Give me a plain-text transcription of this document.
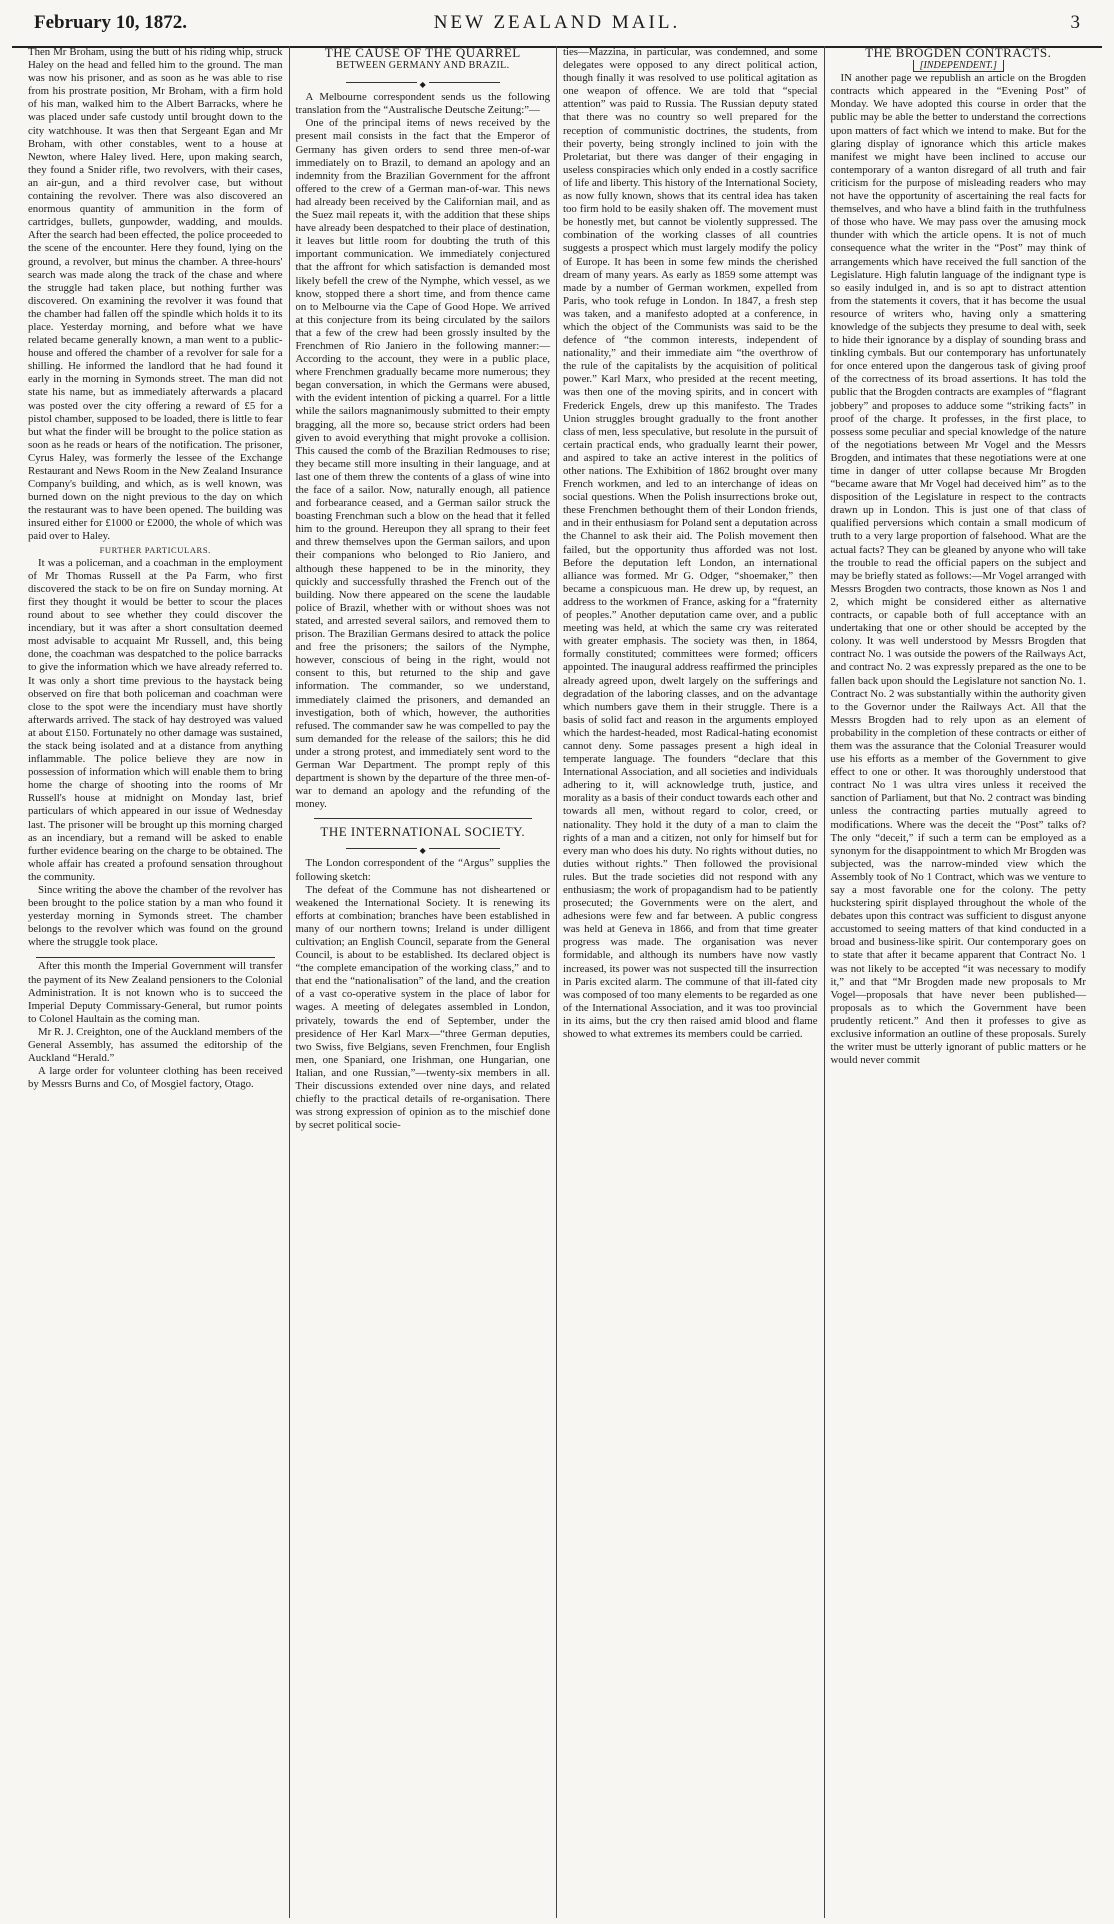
February 10, 1872.	NEW ZEALAND MAIL.	3

Then Mr Broham, using the butt of his riding whip, struck Haley on the head and felled him to the ground. The man was now his prisoner, and as soon as he was able to rise from his prostrate position, Mr Broham, with a firm hold of his man, walked him to the Albert Barracks, where he was placed under safe custody until brought down to the city watchhouse. It was then that Sergeant Egan and Mr Broham, with other constables, went to a house at Newton, where Haley lived. Here, upon making search, they found a Snider rifle, two revolvers, with their cases, an air-gun, and a third revolver case, but without containing the revolver. There was also discovered an enormous quantity of ammunition in the form of cartridges, bullets, gunpowder, wadding, and moulds. After the search had been effected, the police proceeded to the scene of the encounter. Here they found, lying on the ground, a revolver, but minus the chamber. A three-hours' search was made along the track of the chase and where the struggle had taken place, but nothing further was discovered. On examining the revolver it was found that the chamber had fallen off the spindle which holds it to its place. Yesterday morning, and before what we have related became generally known, a man went to a public-house and offered the chamber of a revolver for sale for a shilling. He informed the landlord that he had found it early in the morning in Symonds street. The man did not state his name, but as immediately afterwards a placard was posted over the city offering a reward of £5 for a pistol chamber, supposed to be loaded, there is little to fear but what the finder will be brought to the police station as soon as he reads or hears of the notification. The prisoner, Cyrus Haley, was formerly the lessee of the Exchange Restaurant and News Room in the New Zealand Insurance Company's building, and which, as is well known, was burned down on the night previous to the day on which the restaurant was to have been opened. The building was insured either for £1000 or £2000, the whole of which was paid over to Haley.

FURTHER PARTICULARS.

It was a policeman, and a coachman in the employment of Mr Thomas Russell at the Pa Farm, who first discovered the stack to be on fire on Sunday morning. At first they thought it would be better to scour the places round about to see whether they could discover the incendiary, but it was after a short consultation deemed most advisable to acquaint Mr Russell, and, this being done, the coachman was despatched to the police barracks to give the information which we have already referred to. It was only a short time previous to the haystack being observed on fire that both policeman and coachman were close to the spot were the incendiary must have shortly afterwards arrived. The stack of hay destroyed was valued at about £150. Fortunately no other damage was sustained, the stack being isolated and at a distance from anything inflammable. The police believe they are now in possession of information which will enable them to bring home the charge of shooting into the rooms of Mr Russell's house at midnight on Monday last, brief particulars of which appeared in our issue of Wednesday last. The prisoner will be brought up this morning charged as an incendiary, but a remand will be asked to enable further evidence bearing on the charge to be obtained. The whole affair has created a profound sensation throughout the community.

Since writing the above the chamber of the revolver has been brought to the police station by a man who found it yesterday morning in Symonds street. The chamber belongs to the revolver which was found on the ground where the struggle took place.

After this month the Imperial Government will transfer the payment of its New Zealand pensioners to the Colonial Administration. It is not known who is to succeed the Imperial Deputy Commissary-General, but rumor points to Colonel Haultain as the coming man.

Mr R. J. Creighton, one of the Auckland members of the General Assembly, has assumed the editorship of the Auckland “Herald.”

A large order for volunteer clothing has been received by Messrs Burns and Co, of Mosgiel factory, Otago.

THE CAUSE OF THE QUARREL

BETWEEN GERMANY AND BRAZIL.

◆

A Melbourne correspondent sends us the following translation from the “Australische Deutsche Zeitung:”—

One of the principal items of news received by the present mail consists in the fact that the Emperor of Germany has given orders to send three men-of-war immediately on to Brazil, to demand an apology and an indemnity from the Brazilian Government for the affront offered to the crew of a German man-of-war. This news had already been received by the Californian mail, and as the Suez mail repeats it, with the addition that these ships have already been despatched to their place of destination, it leaves but little room for doubting the truth of this important communication. We immediately conjectured that the affront for which satisfaction is demanded most likely befell the crew of the Nymphe, which vessel, as we know, stopped there a short time, and from thence came on to Melbourne via the Cape of Good Hope. We arrived at this conjecture from its being circulated by the sailors that a few of the crew had been grossly insulted by the Frenchmen of Rio Janiero in the following manner:—According to the account, they were in a public place, where Frenchmen gradually became more numerous; they began conversation, in which the Germans were abused, with the evident intention of picking a quarrel. For a little while the sailors magnanimously submitted to their empty bragging, all the more so, because strict orders had been given to avoid everything that might provoke a collision. This caused the comb of the Brazilian Redmouses to rise; they became still more insulting in their language, and at last one of them threw the contents of a glass of wine into the face of a sailor. Now, naturally enough, all patience and forbearance ceased, and a German sailor struck the boasting Frenchman such a blow on the head that it felled him to the ground. Hereupon they all sprang to their feet and threw themselves upon the German sailors, and upon their companions who belonged to Rio Janiero, and although these happened to be in the minority, they quickly and successfully thrashed the French out of the building. Now there appeared on the scene the laudable police of Brazil, whether with or without shoes was not stated, and arrested several sailors, and removed them to prison. The Brazilian Germans desired to attack the police and free the prisoners; the sailors of the Nymphe, however, conscious of being in the right, would not consent to this, but returned to the ship and gave information. The commander, so we understand, immediately claimed the prisoners, and demanded an investigation, both of which, however, the authorities refused. The commander saw he was compelled to pay the sum demanded for the release of the sailors; this he did under a strong protest, and immediately sent word to the German War Department. The prompt reply of this department is shown by the departure of the three men-of-war to demand an apology and the refunding of the money.

THE INTERNATIONAL SOCIETY.

◆

The London correspondent of the “Argus” supplies the following sketch:

The defeat of the Commune has not disheartened or weakened the International Society. It is renewing its efforts at combination; branches have been established in many of our northern towns; Ireland is under dilligent cultivation; an English Council, separate from the General Council, is about to be established. Its declared object is “the complete emancipation of the working class,” and to that end the “nationalisation” of the land, and the creation of a vast co-operative system in the place of labor for wages. A meeting of delegates assembled in London, privately, towards the end of September, under the presidence of Her Karl Marx—“three German deputies, two Swiss, five Belgians, seven Frenchmen, four English men, one Spaniard, one Irishman, one Hungarian, one Italian, and one Russian,”—twenty-six members in all. Their discussions extended over nine days, and related chiefly to the practical details of re-organisation. There was strong expression of opinion as to the mischief done by secret political socie-

ties—Mazzina, in particular, was condemned, and some delegates were opposed to any direct political action, though finally it was resolved to use political agitation as one weapon of offence. We are told that “special attention” was paid to Russia. The Russian deputy stated that there was no country so well prepared for the reception of communistic doctrines, the students, from their poverty, being strongly inclined to join with the Proletariat, but there was danger of their engaging in useless conspiracies which only ended in a costly sacrifice of life and liberty. This history of the International Society, as now fully known, shows that its central idea has taken too firm hold to be easily shaken off. The movement must be honestly met, but cannot be violently suppressed. The combination of the working classes of all countries suggests a prospect which must largely modify the policy of Europe. It has been in some few minds the cherished dream of many years. As early as 1859 some attempt was made by a number of German workmen, expelled from Paris, who took refuge in London. In 1847, a fresh step was taken, and a manifesto adopted at a conference, in which the object of the Communists was said to be the defence of “the common interests, independent of nationality,” and their immediate aim “the overthrow of the rule of the capitalists by the acquisition of political power.” Karl Marx, who presided at the recent meeting, was then one of the moving spirits, and in concert with Frederick Engels, drew up this manifesto. The Trades Union struggles brought gradually to the front another class of men, less speculative, but resolute in the pursuit of certain practical ends, who gradually learnt their power, and aspired to take an active interest in the politics of other nations. The Exhibition of 1862 brought over many French workmen, and led to an interchange of ideas on social questions. When the Polish insurrections broke out, these Frenchmen bethought them of their London friends, and in their enthusiasm for Poland sent a deputation across the Channel to ask their aid. The Polish movement then failed, but the opportunity thus afforded was not lost. Before the deputation left London, an international alliance was formed. Mr G. Odger, “shoemaker,” then became a conspicuous man. He drew up, by request, an address to the workmen of France, asking for a “fraternity of peoples.” Another deputation came over, and a public meeting was held, at which the same cry was reiterated with greater emphasis. The society was then, in 1864, formally constituted; committees were formed; officers appointed. The inaugural address reaffirmed the principles already agreed upon, dwelt largely on the sufferings and degradation of the laboring classes, and on the advantage which numbers gave them in their struggle. There is a basis of solid fact and reason in the arguments employed which the hardest-headed, most Radical-hating economist cannot deny. Some passages present a high ideal in temperate language. The founders “declare that this International Association, and all societies and individuals adhering to it, will acknowledge truth, justice, and morality as a basis of their conduct towards each other and towards all men, without regard to color, creed, or nationality. They hold it the duty of a man to claim the rights of a man and a citizen, not only for himself but for every man who does his duty. No rights without duties, no duties without rights.” Then followed the provisional rules. But the trade societies did not respond with any enthusiasm; the work of propagandism had to be patiently prosecuted; the Governments were on the alert, and adhesions were few and far between. A public congress was held at Geneva in 1866, and from that time greater progress was made. The organisation was never formidable, and although its numbers have now vastly increased, its power was not suspected till the insurrection in Paris excited alarm. The commune of that ill-fated city was composed of too many elements to be regarded as one of the International Association, and it was too provincial in its aims, but the cry then raised amid blood and flame showed to what extremes its members could be carried.

THE BROGDEN CONTRACTS.

[INDEPENDENT.]

IN another page we republish an article on the Brogden contracts which appeared in the “Evening Post” of Monday. We have adopted this course in order that the public may be able the better to understand the corrections upon matters of fact which we intend to make. But for the glaring display of ignorance which this article makes manifest we might have been inclined to accuse our contemporary of a wanton disregard of all truth and fair criticism for the purpose of misleading readers who may not have the opportunity of ascertaining the real facts for themselves, and who have a blind faith in the truthfulness of those who have. We may pass over the amusing mock thunder with which the article opens. It is not of much consequence what the writer in the “Post” may think of arrangements which have received the full sanction of the Legislature. High falutin language of the indignant type is so easily indulged in, and is so apt to distract attention from the statements it covers, that it has become the usual resource of writers who, having only a smattering knowledge of the subjects they presume to deal with, seek to hide their ignorance by a display of sounding brass and tinkling cymbals. But our contemporary has unfortunately for once entered upon the dangerous task of giving proof of the correctness of its broad assertions. It has told the public that the Brogden contracts are examples of “flagrant jobbery” and proposes to adduce some “striking facts” in proof of the charge. It professes, in the first place, to possess some peculiar and special knowledge of the nature of the negotiations between Mr Vogel and the Messrs Brogden, and intimates that these negotiations were at one time in danger of utter collapse because Mr Brogden “became aware that Mr Vogel had deceived him” as to the disposition of the Legislature in respect to the contracts drawn up in London. This is just one of that class of qualified perversions which contain a small modicum of truth to a very large proportion of falsehood. What are the actual facts? They can be gleaned by anyone who will take the trouble to read the official papers on the subject and may be briefly stated as follows:—Mr Vogel arranged with Messrs Brogden two contracts, those known as Nos 1 and 2, which might be considered either as alternative contracts, or capable both of full acceptance with an undertaking that one or other should be accepted by the colony. It was well understood by Messrs Brogden that contract No. 1 was outside the powers of the Railways Act, and contract No. 2 was expressly prepared as the one to be fallen back upon should the Legislature not sanction No. 1. Contract No. 2 was substantially within the authority given to the Governor under the Railways Act. All that the Messrs Brogden had to rely upon as an element of probability in the completion of these contracts or either of them was the assurance that the Colonial Treasurer would use his efforts as a member of the Government to give effect to one or other. It was thoroughly understood that contract No 1 was ultra vires unless it received the sanction of Parliament, but that No. 2 contract was binding unless the contracting parties mutually agreed to modifications. Where was the deceit the “Post” talks of? The only “deceit,” if such a term can be employed as a synonym for the disappointment to which Mr Brogden was subjected, was the narrow-minded view which the Assembly took of No 1 Contract, which was we venture to say a most favorable one for the colony. The petty huckstering spirit displayed throughout the whole of the debates upon this contract was sufficient to disgust anyone accustomed to seeing matters of that kind conducted in a broad and business-like spirit. Our contemporary goes on to state that after it became apparent that Contract No. 1 was not likely to be accepted “it was necessary to modify it,” and that “Mr Brogden made new proposals to Mr Vogel—proposals that have never been published—proposals as to which the Government have been prudently reticent.” And then it professes to give as exclusive information an outline of these proposals. Surely the writer must be utterly ignorant of public matters or he would never commit
